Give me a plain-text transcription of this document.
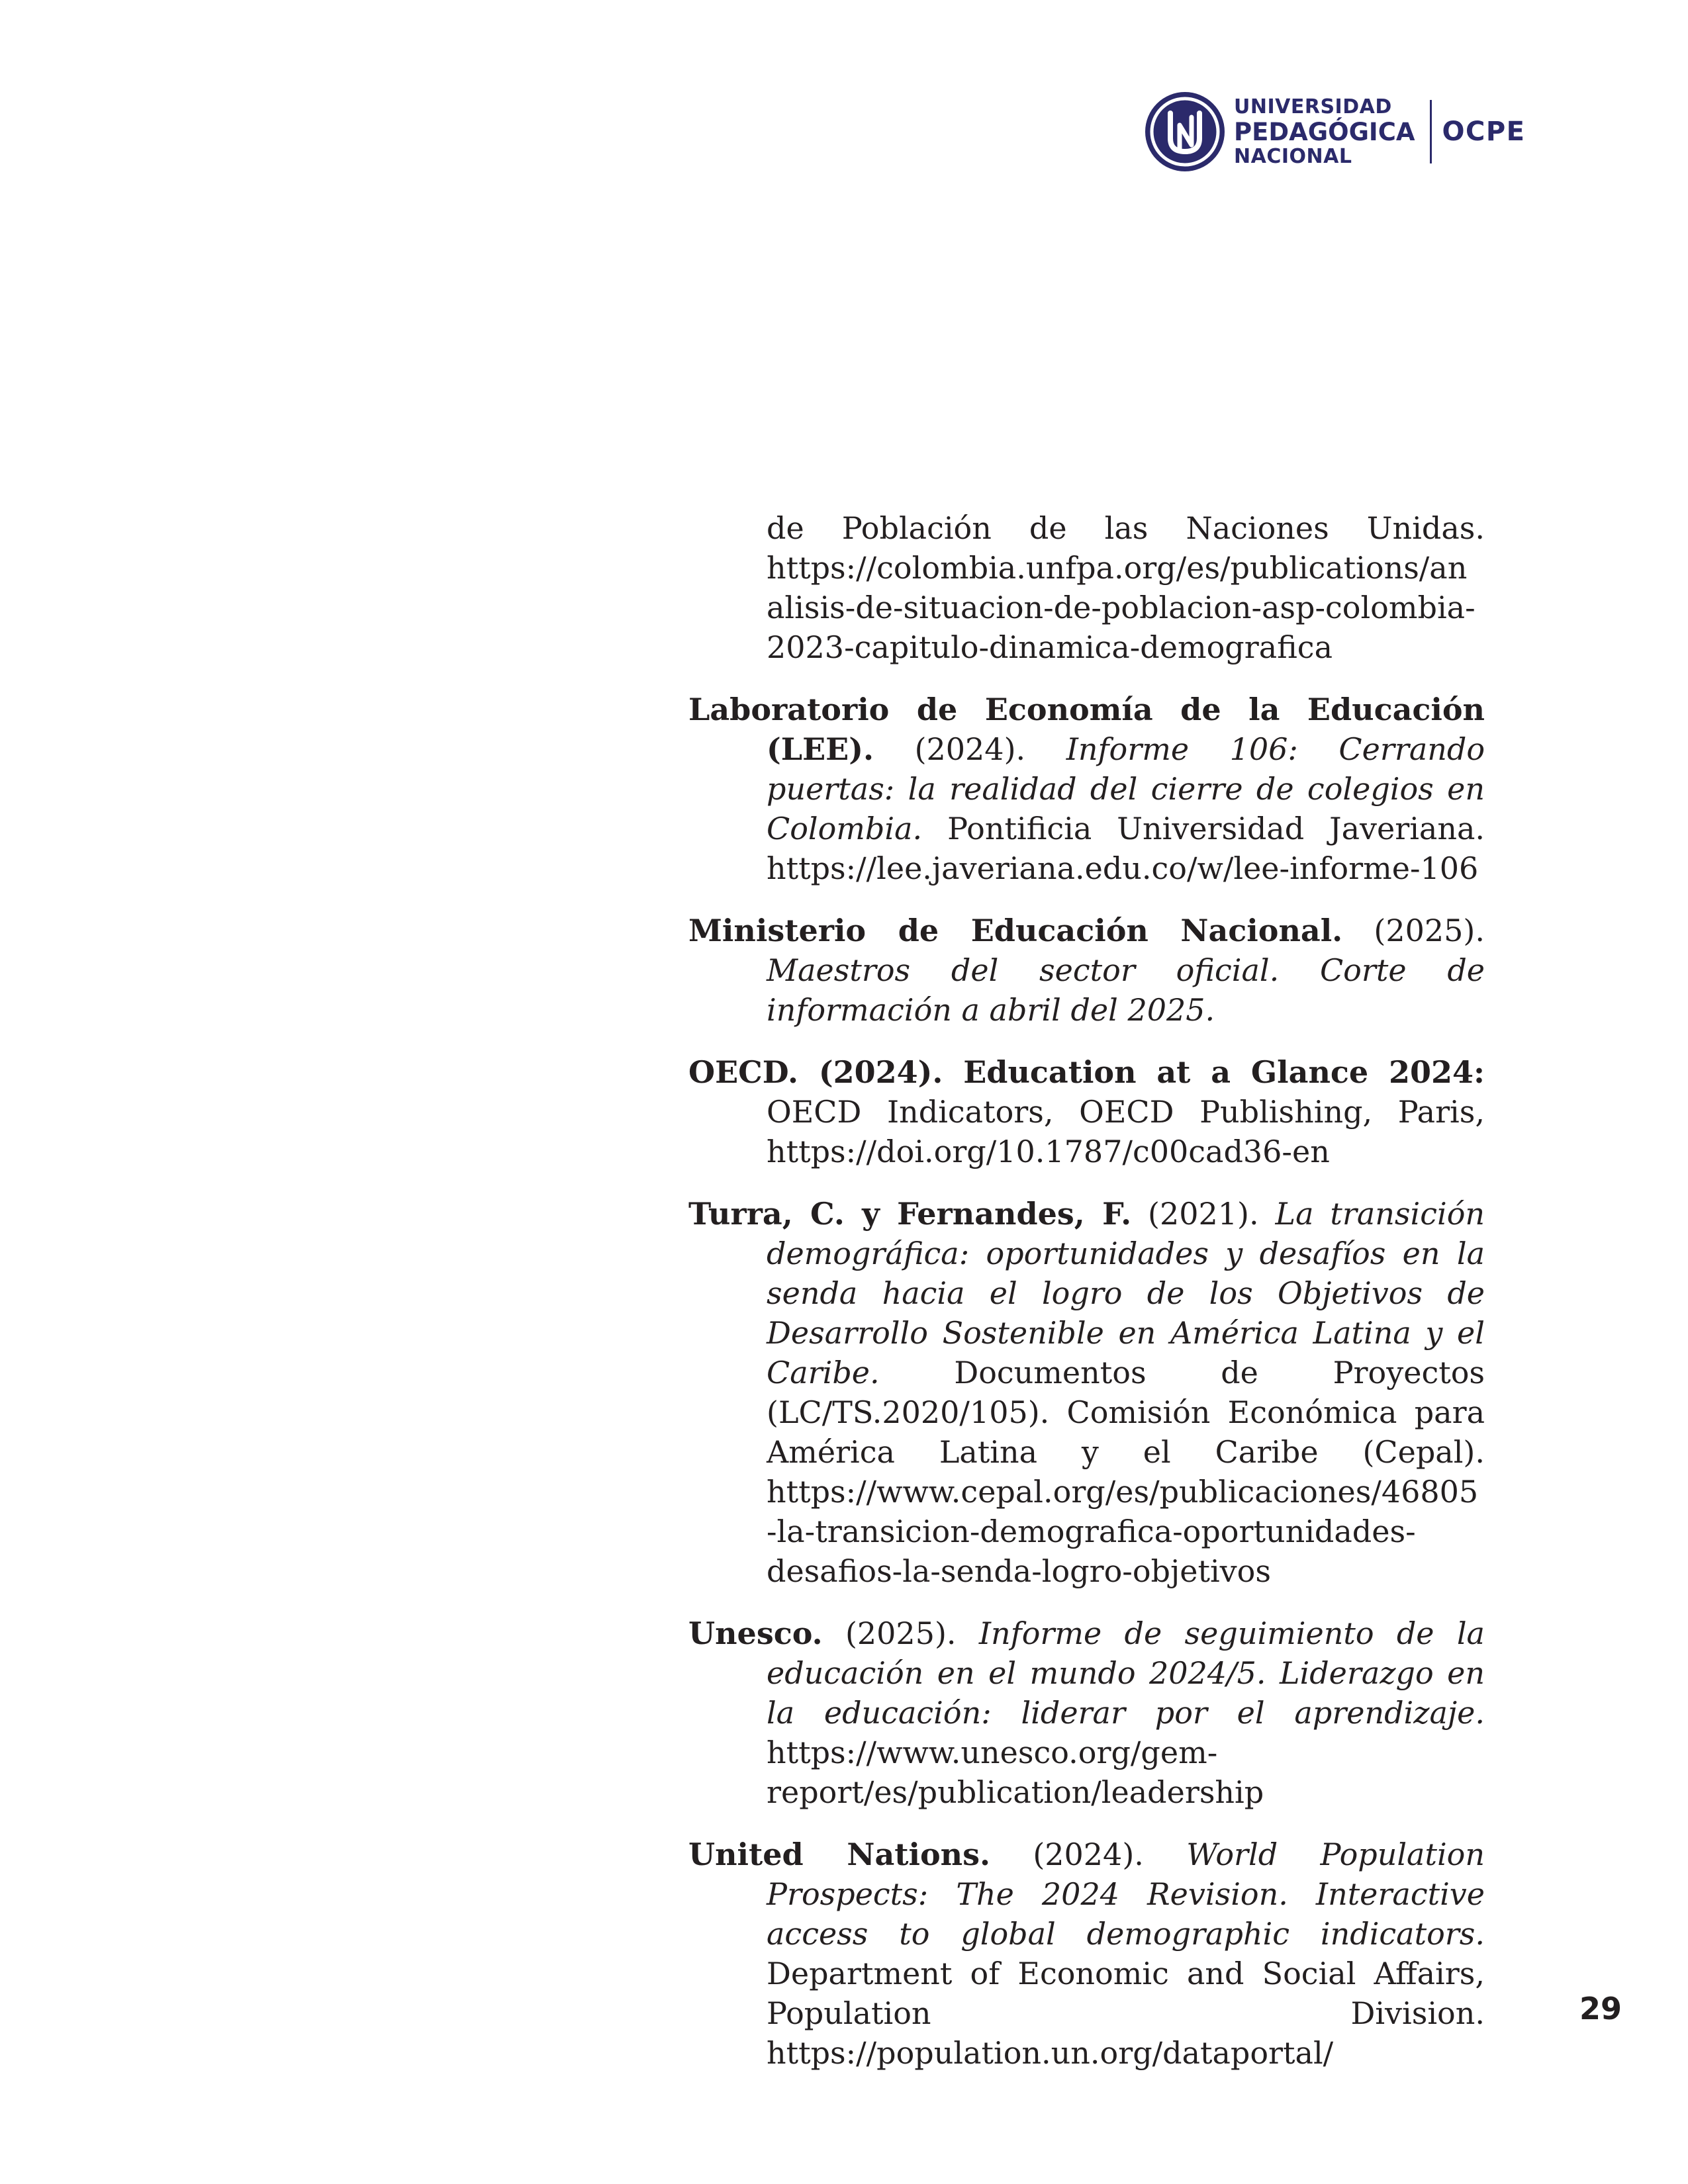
UNIVERSIDAD
PEDAGÓGICA
NACIONAL
OCPE

de Población de las Naciones Unidas. https://colombia.unfpa.org/es/publications/analisis-de-situacion-de-poblacion-asp-colombia-2023-capitulo-dinamica-demografica

Laboratorio de Economía de la Educación (LEE). (2024). Informe 106: Cerrando puertas: la realidad del cierre de colegios en Colombia. Pontificia Universidad Javeriana. https://lee.javeriana.edu.co/w/lee-informe-106

Ministerio de Educación Nacional. (2025). Maestros del sector oficial. Corte de información a abril del 2025.

OECD. (2024). Education at a Glance 2024: OECD Indicators, OECD Publishing, Paris, https://doi.org/10.1787/c00cad36-en

Turra, C. y Fernandes, F. (2021). La transición demográfica: oportunidades y desafíos en la senda hacia el logro de los Objetivos de Desarrollo Sostenible en América Latina y el Caribe. Documentos de Proyectos (LC/TS.2020/105). Comisión Económica para América Latina y el Caribe (Cepal). https://www.cepal.org/es/publicaciones/46805-la-transicion-demografica-oportunidades-desafios-la-senda-logro-objetivos

Unesco. (2025). Informe de seguimiento de la educación en el mundo 2024/5. Liderazgo en la educación: liderar por el aprendizaje. https://www.unesco.org/gem-report/es/publication/leadership

United Nations. (2024). World Population Prospects: The 2024 Revision. Interactive access to global demographic indicators. Department of Economic and Social Affairs, Population Division. https://population.un.org/dataportal/

29
